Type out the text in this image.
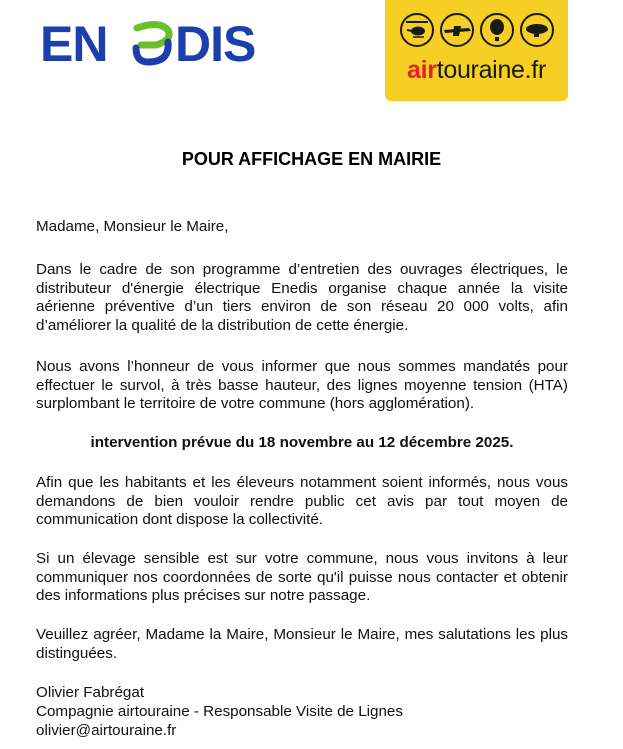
EN DIS	airtouraine.fr
POUR AFFICHAGE EN MAIRIE
Madame, Monsieur le Maire,
Dans le cadre de son programme d’entretien des ouvrages électriques, le distributeur d'énergie électrique Enedis organise chaque année la visite aérienne préventive d’un tiers environ de son réseau 20 000 volts, afin d’améliorer la qualité de la distribution de cette énergie.
Nous avons l’honneur de vous informer que nous sommes mandatés pour effectuer le survol, à très basse hauteur, des lignes moyenne tension (HTA) surplombant le territoire de votre commune (hors agglomération).
intervention prévue du 18 novembre au 12 décembre 2025.
Afin que les habitants et les éleveurs notamment soient informés, nous vous demandons de bien vouloir rendre public cet avis par tout moyen de communication dont dispose la collectivité.
Si un élevage sensible est sur votre commune, nous vous invitons à leur communiquer nos coordonnées de sorte qu'il puisse nous contacter et obtenir des informations plus précises sur notre passage.
Veuillez agréer, Madame la Maire, Monsieur le Maire, mes salutations les plus distinguées.
Olivier Fabrégat
Compagnie airtouraine - Responsable Visite de Lignes
olivier@airtouraine.fr
